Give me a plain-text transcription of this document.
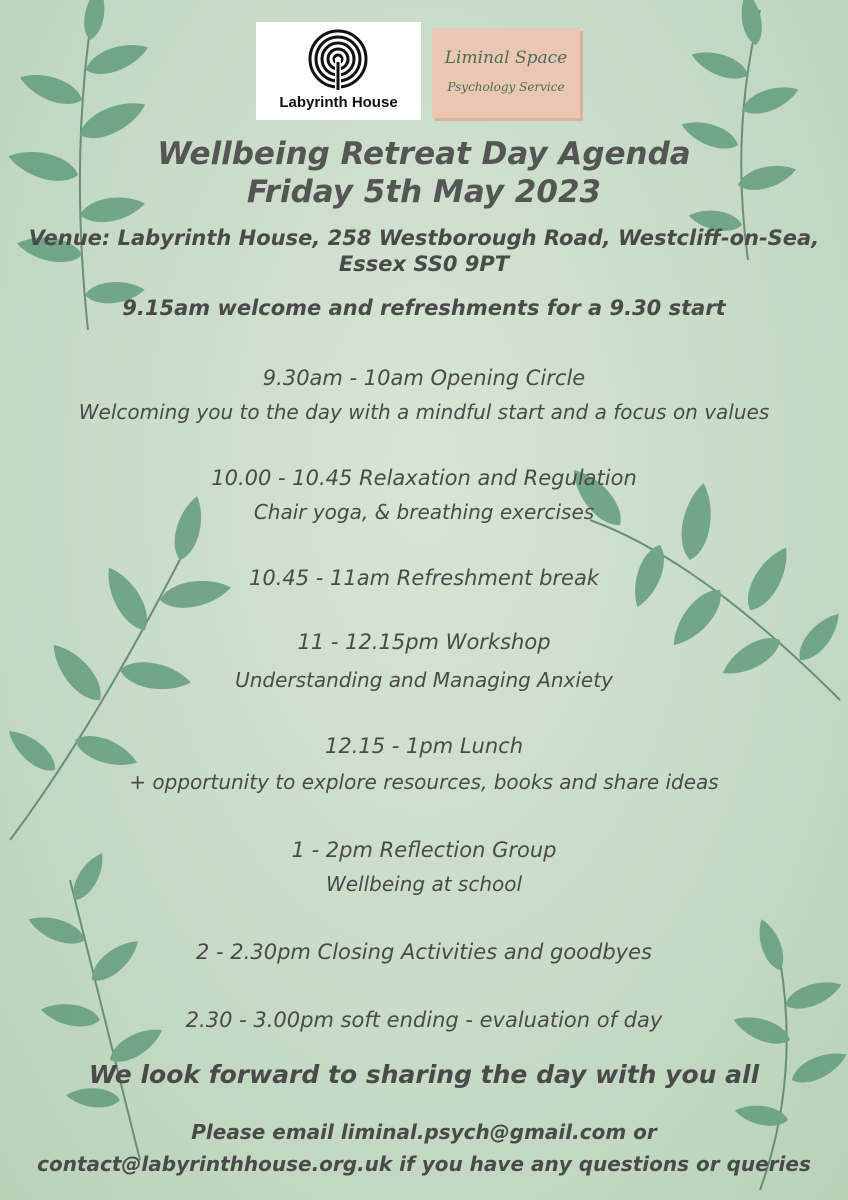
Labyrinth House
Liminal Space
Psychology Service
Wellbeing Retreat Day Agenda
Friday 5th May 2023
Venue: Labyrinth House, 258 Westborough Road, Westcliff-on-Sea,
Essex SS0 9PT
9.15am welcome and refreshments for a 9.30 start
9.30am - 10am Opening Circle
Welcoming you to the day with a mindful start and a focus on values
10.00 - 10.45 Relaxation and Regulation
Chair yoga, & breathing exercises
10.45 - 11am Refreshment break
11 - 12.15pm Workshop
Understanding and Managing Anxiety
12.15 - 1pm Lunch
+ opportunity to explore resources, books and share ideas
1 - 2pm Reflection Group
Wellbeing at school
2 - 2.30pm Closing Activities and goodbyes
2.30 - 3.00pm soft ending - evaluation of day
We look forward to sharing the day with you all
Please email liminal.psych@gmail.com or
contact@labyrinthhouse.org.uk if you have any questions or queries
